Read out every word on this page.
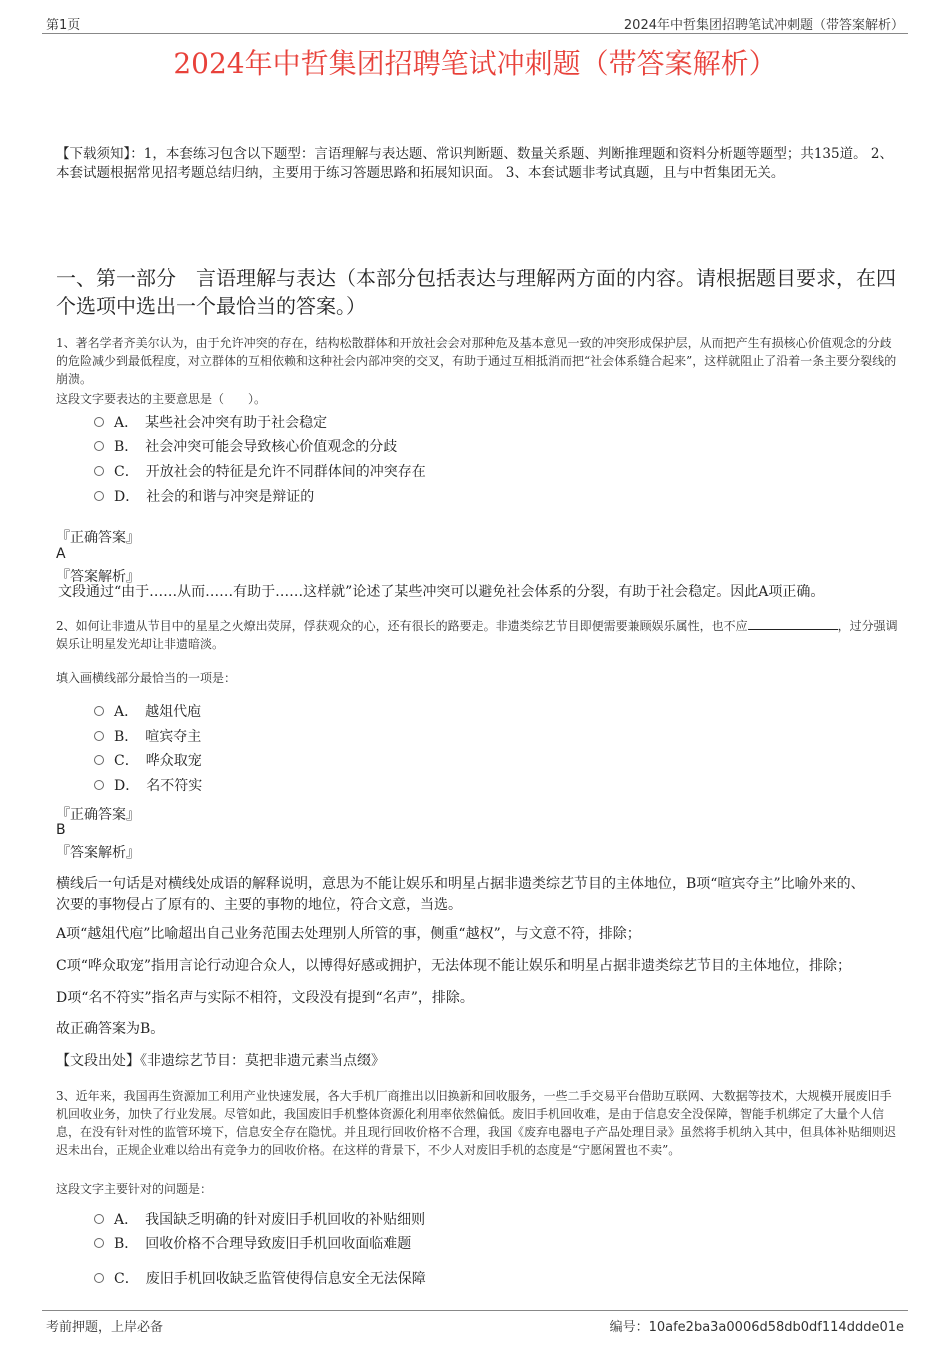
第1页	2024年中哲集团招聘笔试冲刺题（带答案解析）
2024年中哲集团招聘笔试冲刺题（带答案解析）
【下载须知】：1，本套练习包含以下题型：言语理解与表达题、常识判断题、数量关系题、判断推理题和资料分析题等题型；共135道。 2、本套试题根据常见招考题总结归纳，主要用于练习答题思路和拓展知识面。 3、本套试题非考试真题，且与中哲集团无关。
一、第一部分　言语理解与表达（本部分包括表达与理解两方面的内容。请根据题目要求，在四个选项中选出一个最恰当的答案。）
1、著名学者齐美尔认为，由于允许冲突的存在，结构松散群体和开放社会会对那种危及基本意见一致的冲突形成保护层，从而把产生有损核心价值观念的分歧的危险减少到最低程度，对立群体的互相依赖和这种社会内部冲突的交叉，有助于通过互相抵消而把“社会体系缝合起来”，这样就阻止了沿着一条主要分裂线的崩溃。
这段文字要表达的主要意思是（　　）。
A．　某些社会冲突有助于社会稳定
B．　社会冲突可能会导致核心价值观念的分歧
C．　开放社会的特征是允许不同群体间的冲突存在
D．　社会的和谐与冲突是辩证的
『正确答案』
A
『答案解析』
文段通过“由于……从而……有助于……这样就”论述了某些冲突可以避免社会体系的分裂，有助于社会稳定。因此A项正确。
2、如何让非遗从节目中的星星之火燎出荧屏，俘获观众的心，还有很长的路要走。非遗类综艺节目即便需要兼顾娱乐属性，也不应	，过分强调娱乐让明星发光却让非遗暗淡。
填入画横线部分最恰当的一项是：
A．　越俎代庖
B．　喧宾夺主
C．　哗众取宠
D．　名不符实
『正确答案』
B
『答案解析』
横线后一句话是对横线处成语的解释说明，意思为不能让娱乐和明星占据非遗类综艺节目的主体地位，B项“喧宾夺主”比喻外来的、次要的事物侵占了原有的、主要的事物的地位，符合文意，当选。
A项“越俎代庖”比喻超出自己业务范围去处理别人所管的事，侧重“越权”，与文意不符，排除；
C项“哗众取宠”指用言论行动迎合众人，以博得好感或拥护，无法体现不能让娱乐和明星占据非遗类综艺节目的主体地位，排除；
D项“名不符实”指名声与实际不相符，文段没有提到“名声”，排除。
故正确答案为B。
【文段出处】《非遗综艺节目：莫把非遗元素当点缀》
3、近年来，我国再生资源加工利用产业快速发展，各大手机厂商推出以旧换新和回收服务，一些二手交易平台借助互联网、大数据等技术，大规模开展废旧手机回收业务，加快了行业发展。尽管如此，我国废旧手机整体资源化利用率依然偏低。废旧手机回收难，是由于信息安全没保障，智能手机绑定了大量个人信息，在没有针对性的监管环境下，信息安全存在隐忧。并且现行回收价格不合理，我国《废弃电器电子产品处理目录》虽然将手机纳入其中，但具体补贴细则迟迟未出台，正规企业难以给出有竞争力的回收价格。在这样的背景下，不少人对废旧手机的态度是“宁愿闲置也不卖”。
这段文字主要针对的问题是：
A．　我国缺乏明确的针对废旧手机回收的补贴细则
B．　回收价格不合理导致废旧手机回收面临难题
C．　废旧手机回收缺乏监管使得信息安全无法保障
考前押题，上岸必备	编号：10afe2ba3a0006d58db0df114ddde01e
